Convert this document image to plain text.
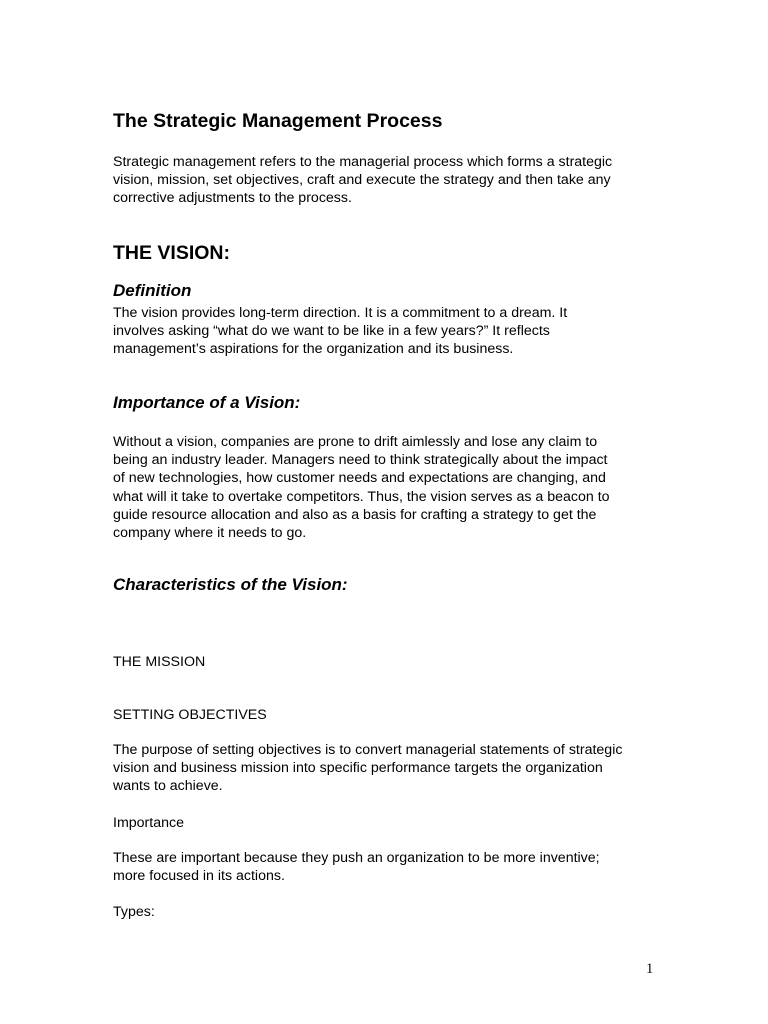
The Strategic Management Process
Strategic management refers to the managerial process which forms a strategic
vision, mission, set objectives, craft and execute the strategy and then take any
corrective adjustments to the process.
THE VISION:
Definition
The vision provides long-term direction. It is a commitment to a dream. It
involves asking “what do we want to be like in a few years?” It reflects
management’s aspirations for the organization and its business.
Importance of a Vision:
Without a vision, companies are prone to drift aimlessly and lose any claim to
being an industry leader. Managers need to think strategically about the impact
of new technologies, how customer needs and expectations are changing, and
what will it take to overtake competitors. Thus, the vision serves as a beacon to
guide resource allocation and also as a basis for crafting a strategy to get the
company where it needs to go.
Characteristics of the Vision:
THE MISSION
SETTING OBJECTIVES
The purpose of setting objectives is to convert managerial statements of strategic
vision and business mission into specific performance targets the organization
wants to achieve.
Importance
These are important because they push an organization to be more inventive;
more focused in its actions.
Types:
1
